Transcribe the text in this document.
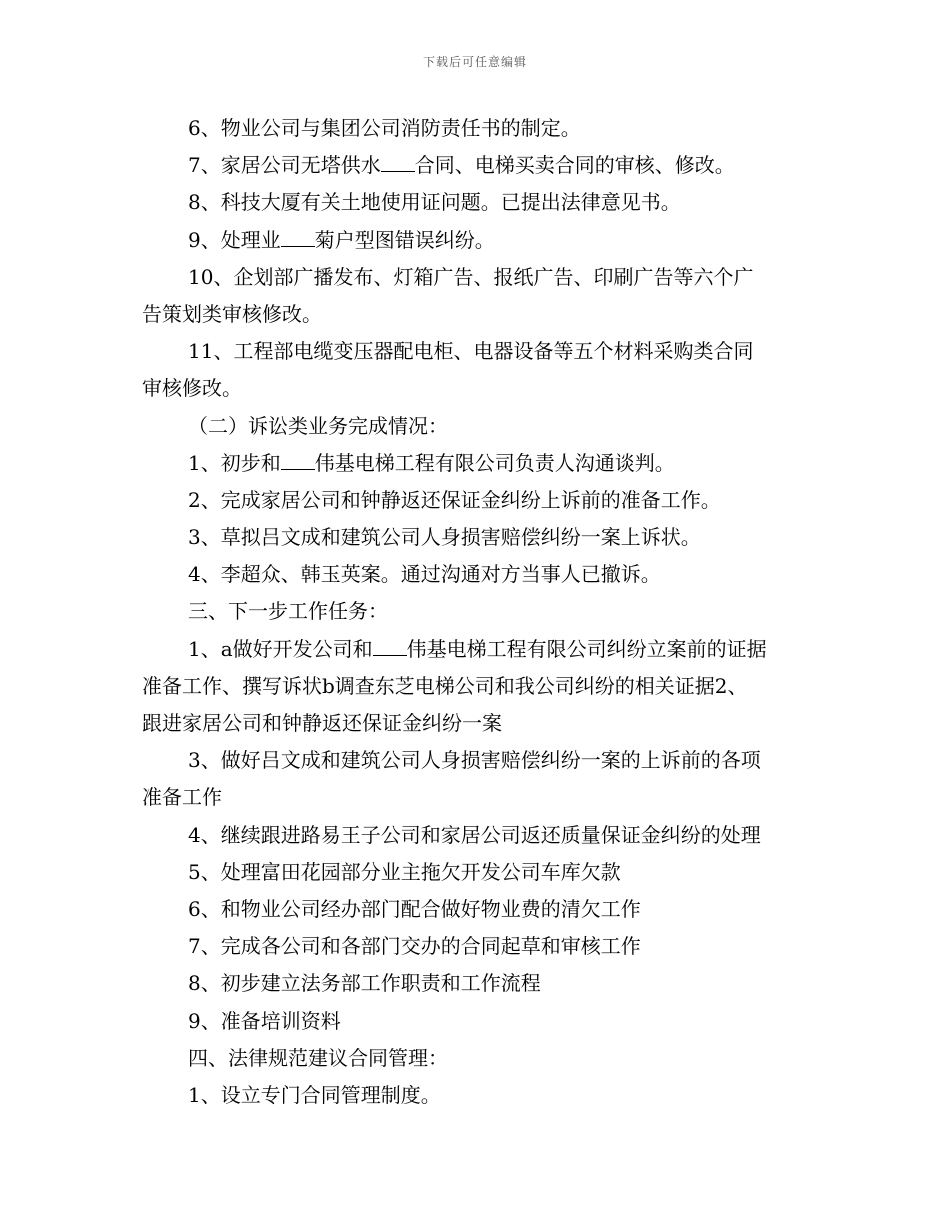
下载后可任意编辑
6、物业公司与集团公司消防责任书的制定。
7、家居公司无塔供水 合同、电梯买卖合同的审核、修改。
8、科技大厦有关土地使用证问题。已提出法律意见书。
9、处理业 菊户型图错误纠纷。
10、企划部广播发布、灯箱广告、报纸广告、印刷广告等六个广
告策划类审核修改。
11、工程部电缆变压器配电柜、电器设备等五个材料采购类合同
审核修改。
（二）诉讼类业务完成情况：
1、初步和 伟基电梯工程有限公司负责人沟通谈判。
2、完成家居公司和钟静返还保证金纠纷上诉前的准备工作。
3、草拟吕文成和建筑公司人身损害赔偿纠纷一案上诉状。
4、李超众、韩玉英案。通过沟通对方当事人已撤诉。
三、下一步工作任务：
1、a做好开发公司和 伟基电梯工程有限公司纠纷立案前的证据
准备工作、撰写诉状b调查东芝电梯公司和我公司纠纷的相关证据2、
跟进家居公司和钟静返还保证金纠纷一案
3、做好吕文成和建筑公司人身损害赔偿纠纷一案的上诉前的各项
准备工作
4、继续跟进路易王子公司和家居公司返还质量保证金纠纷的处理
5、处理富田花园部分业主拖欠开发公司车库欠款
6、和物业公司经办部门配合做好物业费的清欠工作
7、完成各公司和各部门交办的合同起草和审核工作
8、初步建立法务部工作职责和工作流程
9、准备培训资料
四、法律规范建议合同管理：
1、设立专门合同管理制度。
